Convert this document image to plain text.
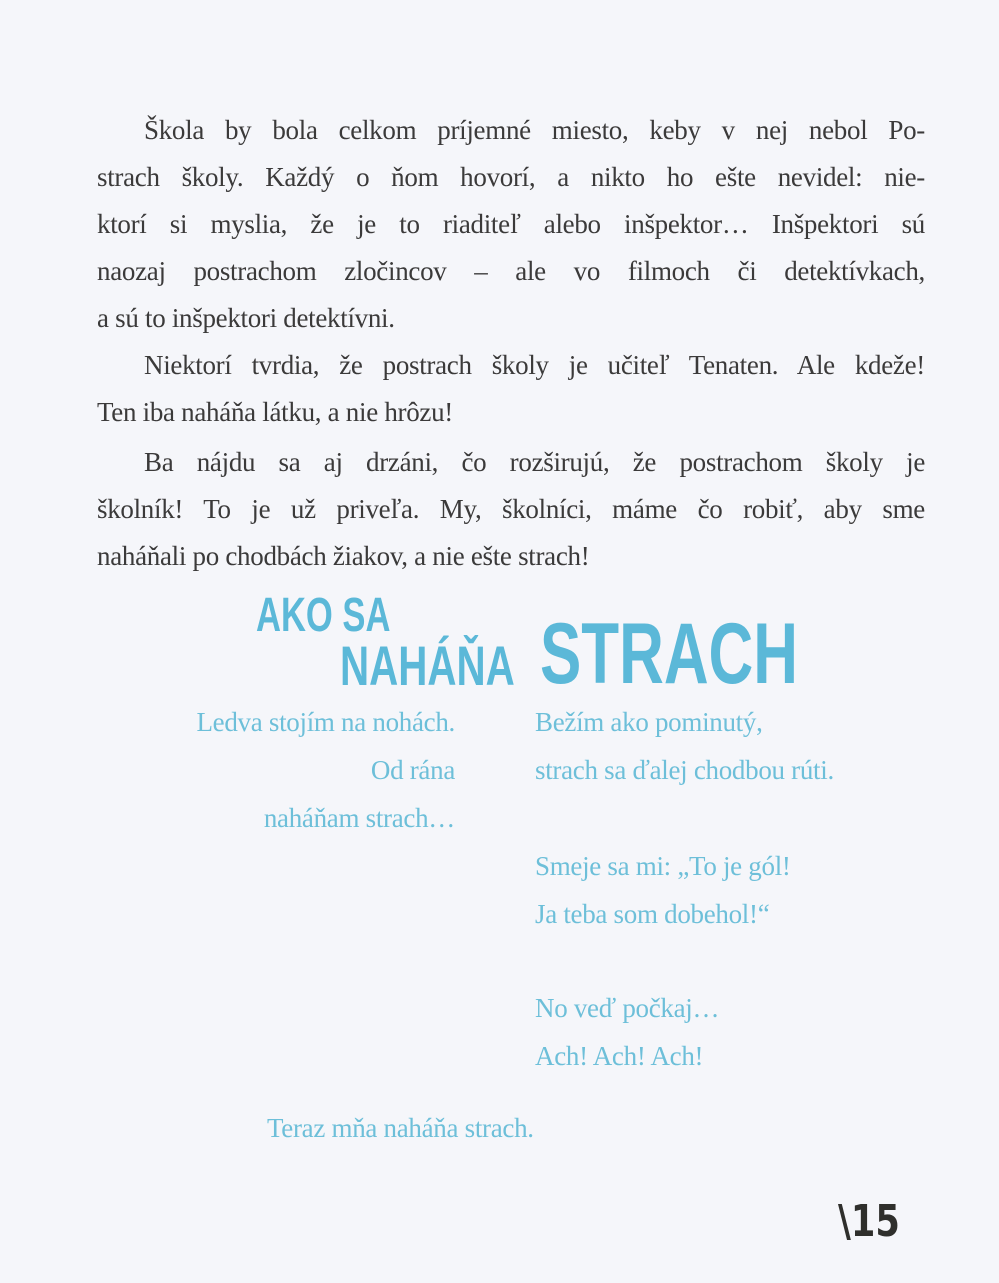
Škola by bola celkom príjemné miesto, keby v nej nebol Po-
strach školy. Každý o ňom hovorí, a nikto ho ešte nevidel: nie-
ktorí si myslia, že je to riaditeľ alebo inšpektor… Inšpektori sú
naozaj postrachom zločincov – ale vo filmoch či detektívkach,
a sú to inšpektori detektívni.
Niektorí tvrdia, že postrach školy je učiteľ Tenaten. Ale kdeže!
Ten iba naháňa látku, a nie hrôzu!
Ba nájdu sa aj drzáni, čo rozširujú, že postrachom školy je
školník! To je už priveľa. My, školníci, máme čo robiť, aby sme
naháňali po chodbách žiakov, a nie ešte strach!
AKO SA
NAHÁŇA STRACH
Ledva stojím na nohách.
Od rána
naháňam strach…
Bežím ako pominutý,
strach sa ďalej chodbou rúti.
Smeje sa mi: „To je gól!
Ja teba som dobehol!“
No veď počkaj…
Ach! Ach! Ach!
Teraz mňa naháňa strach.
\15
